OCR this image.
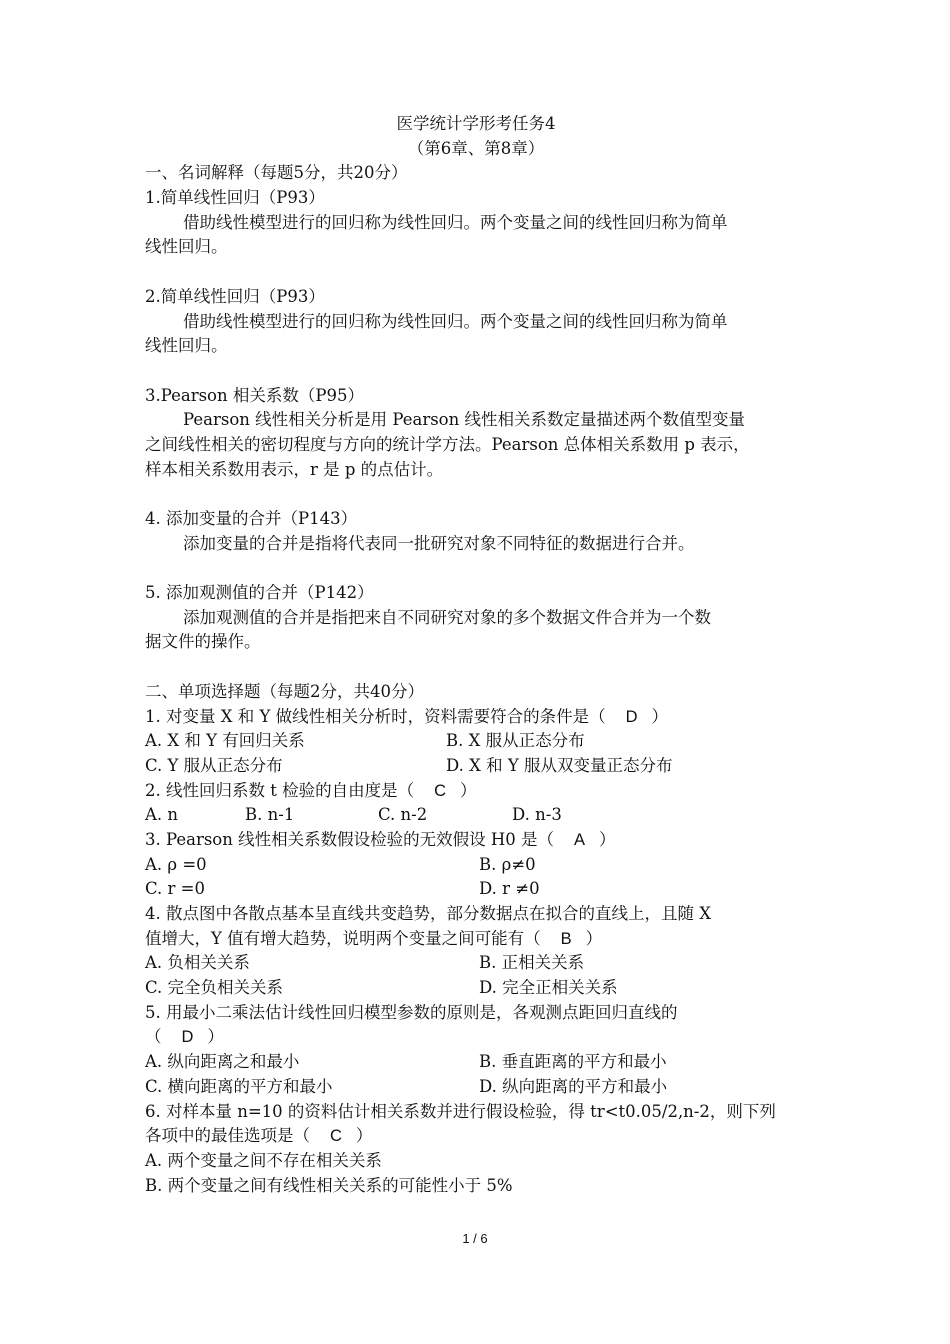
医学统计学形考任务4
（第6章、第8章）
一、名词解释（每题5分，共20分）
1.简单线性回归（P93）
借助线性模型进行的回归称为线性回归。两个变量之间的线性回归称为简单
线性回归。
2.简单线性回归（P93）
借助线性模型进行的回归称为线性回归。两个变量之间的线性回归称为简单
线性回归。
3.Pearson 相关系数（P95）
Pearson 线性相关分析是用 Pearson 线性相关系数定量描述两个数值型变量
之间线性相关的密切程度与方向的统计学方法。Pearson 总体相关系数用 p 表示，
样本相关系数用表示，r 是 p 的点估计。
4. 添加变量的合并（P143）
添加变量的合并是指将代表同一批研究对象不同特征的数据进行合并。
5. 添加观测值的合并（P142）
添加观测值的合并是指把来自不同研究对象的多个数据文件合并为一个数
据文件的操作。
二、单项选择题（每题2分，共40分）
1. 对变量 X 和 Y 做线性相关分析时，资料需要符合的条件是（ D ）
A. X 和 Y 有回归关系	B. X 服从正态分布
C. Y 服从正态分布	D. X 和 Y 服从双变量正态分布
2. 线性回归系数 t 检验的自由度是（ C ）
A. n	B. n-1	C. n-2	D. n-3
3. Pearson 线性相关系数假设检验的无效假设 H0 是（ A ）
A. ρ =0	B. ρ≠0
C. r =0	D. r ≠0
4. 散点图中各散点基本呈直线共变趋势，部分数据点在拟合的直线上，且随 X
值增大，Y 值有增大趋势，说明两个变量之间可能有（ B ）
A. 负相关关系	B. 正相关关系
C. 完全负相关关系	D. 完全正相关关系
5. 用最小二乘法估计线性回归模型参数的原则是，各观测点距回归直线的
（ D ）
A. 纵向距离之和最小	B. 垂直距离的平方和最小
C. 横向距离的平方和最小	D. 纵向距离的平方和最小
6. 对样本量 n=10 的资料估计相关系数并进行假设检验，得 tr<t0.05/2,n-2，则下列
各项中的最佳选项是（ C ）
A. 两个变量之间不存在相关关系
B. 两个变量之间有线性相关关系的可能性小于 5%
1 / 6
